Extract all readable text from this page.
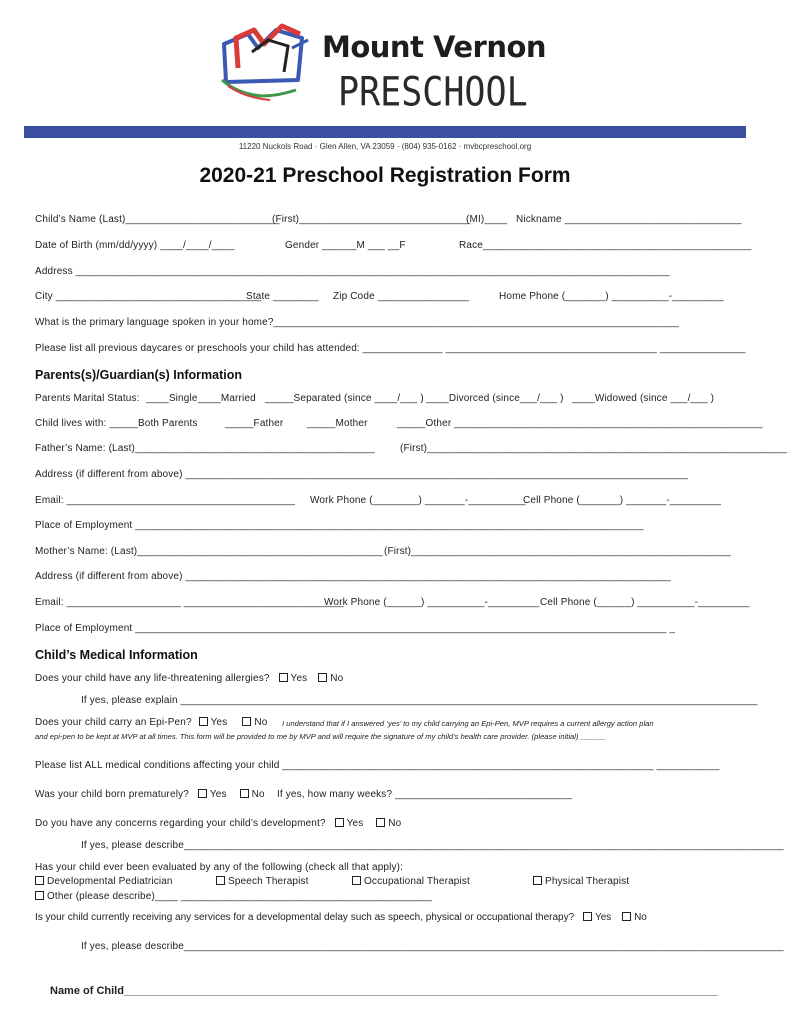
Mount Vernon
PRESCHOOL
11220 Nuckols Road · Glen Allen, VA 23059 · (804) 935-0162 · mvbcpreschool.org
2020-21 Preschool Registration Form
Child’s Name (Last)___________________________
(First)______________________________
(MI)____ Nickname _______________________________
Date of Birth (mm/dd/yyyy) ____/____/____	Gender ______M ___ __F	Race_______________________________________________
Address ________________________________________________________________________________________________________
City ____________________________________
State ________ Zip Code ________________	Home Phone (_______) __________-_________
What is the primary language spoken in your home?_______________________________________________________________________
Please list all previous daycares or preschools your child has attended: ______________ _____________________________________ _______________
Parents(s)/Guardian(s) Information
Parents Marital Status: ____Single ____Married _____Separated (since ____/___ ) ____Divorced (since___/___ ) ____Widowed (since ___/___ )
Child lives with: _____Both Parents	_____Father _____Mother	_____Other ______________________________________________________
Father’s Name: (Last)__________________________________________	(First)_______________________________________________________________
Address (if different from above) ________________________________________________________________________________________
Email: ________________________________________ Work Phone (________) _______-__________
Cell Phone (_______) _______-_________
Place of Employment _________________________________________________________________________________________
Mother’s Name: (Last)___________________________________________ (First)________________________________________________________
Address (if different from above) _____________________________________________________________________________________
Email: ____________________ ____________________________
Work Phone (______) __________-_________ Cell Phone (______) __________-_________
Place of Employment _____________________________________________________________________________________________ _
Child’s Medical Information
Does your child have any life-threatening allergies? Yes No
If yes, please explain _____________________________________________________________________________________________________
Does your child carry an Epi-Pen? Yes	No I understand that if I answered ‘yes’ to my child carrying an Epi-Pen, MVP requires a current allergy action plan
and epi-pen to be kept at MVP at all times. This form will be provided to me by MVP and will require the signature of my child’s health care provider. (please initial) ______
Please list ALL medical conditions affecting your child _________________________________________________________________ ___________
Was your child born prematurely? Yes No If yes, how many weeks? _______________________________
Do you have any concerns regarding your child’s development? Yes No
If yes, please describe_________________________________________________________________________________________________________
Has your child ever been evaluated by any of the following (check all that apply):
Developmental Pediatrician	Speech Therapist	Occupational Therapist	Physical Therapist
Other (please describe)____ ____________________________________________
Is your child currently receiving any services for a developmental delay such as speech, physical or occupational therapy? Yes No
If yes, please describe_________________________________________________________________________________________________________
Name of Child_________________________________________________________________________________________________
